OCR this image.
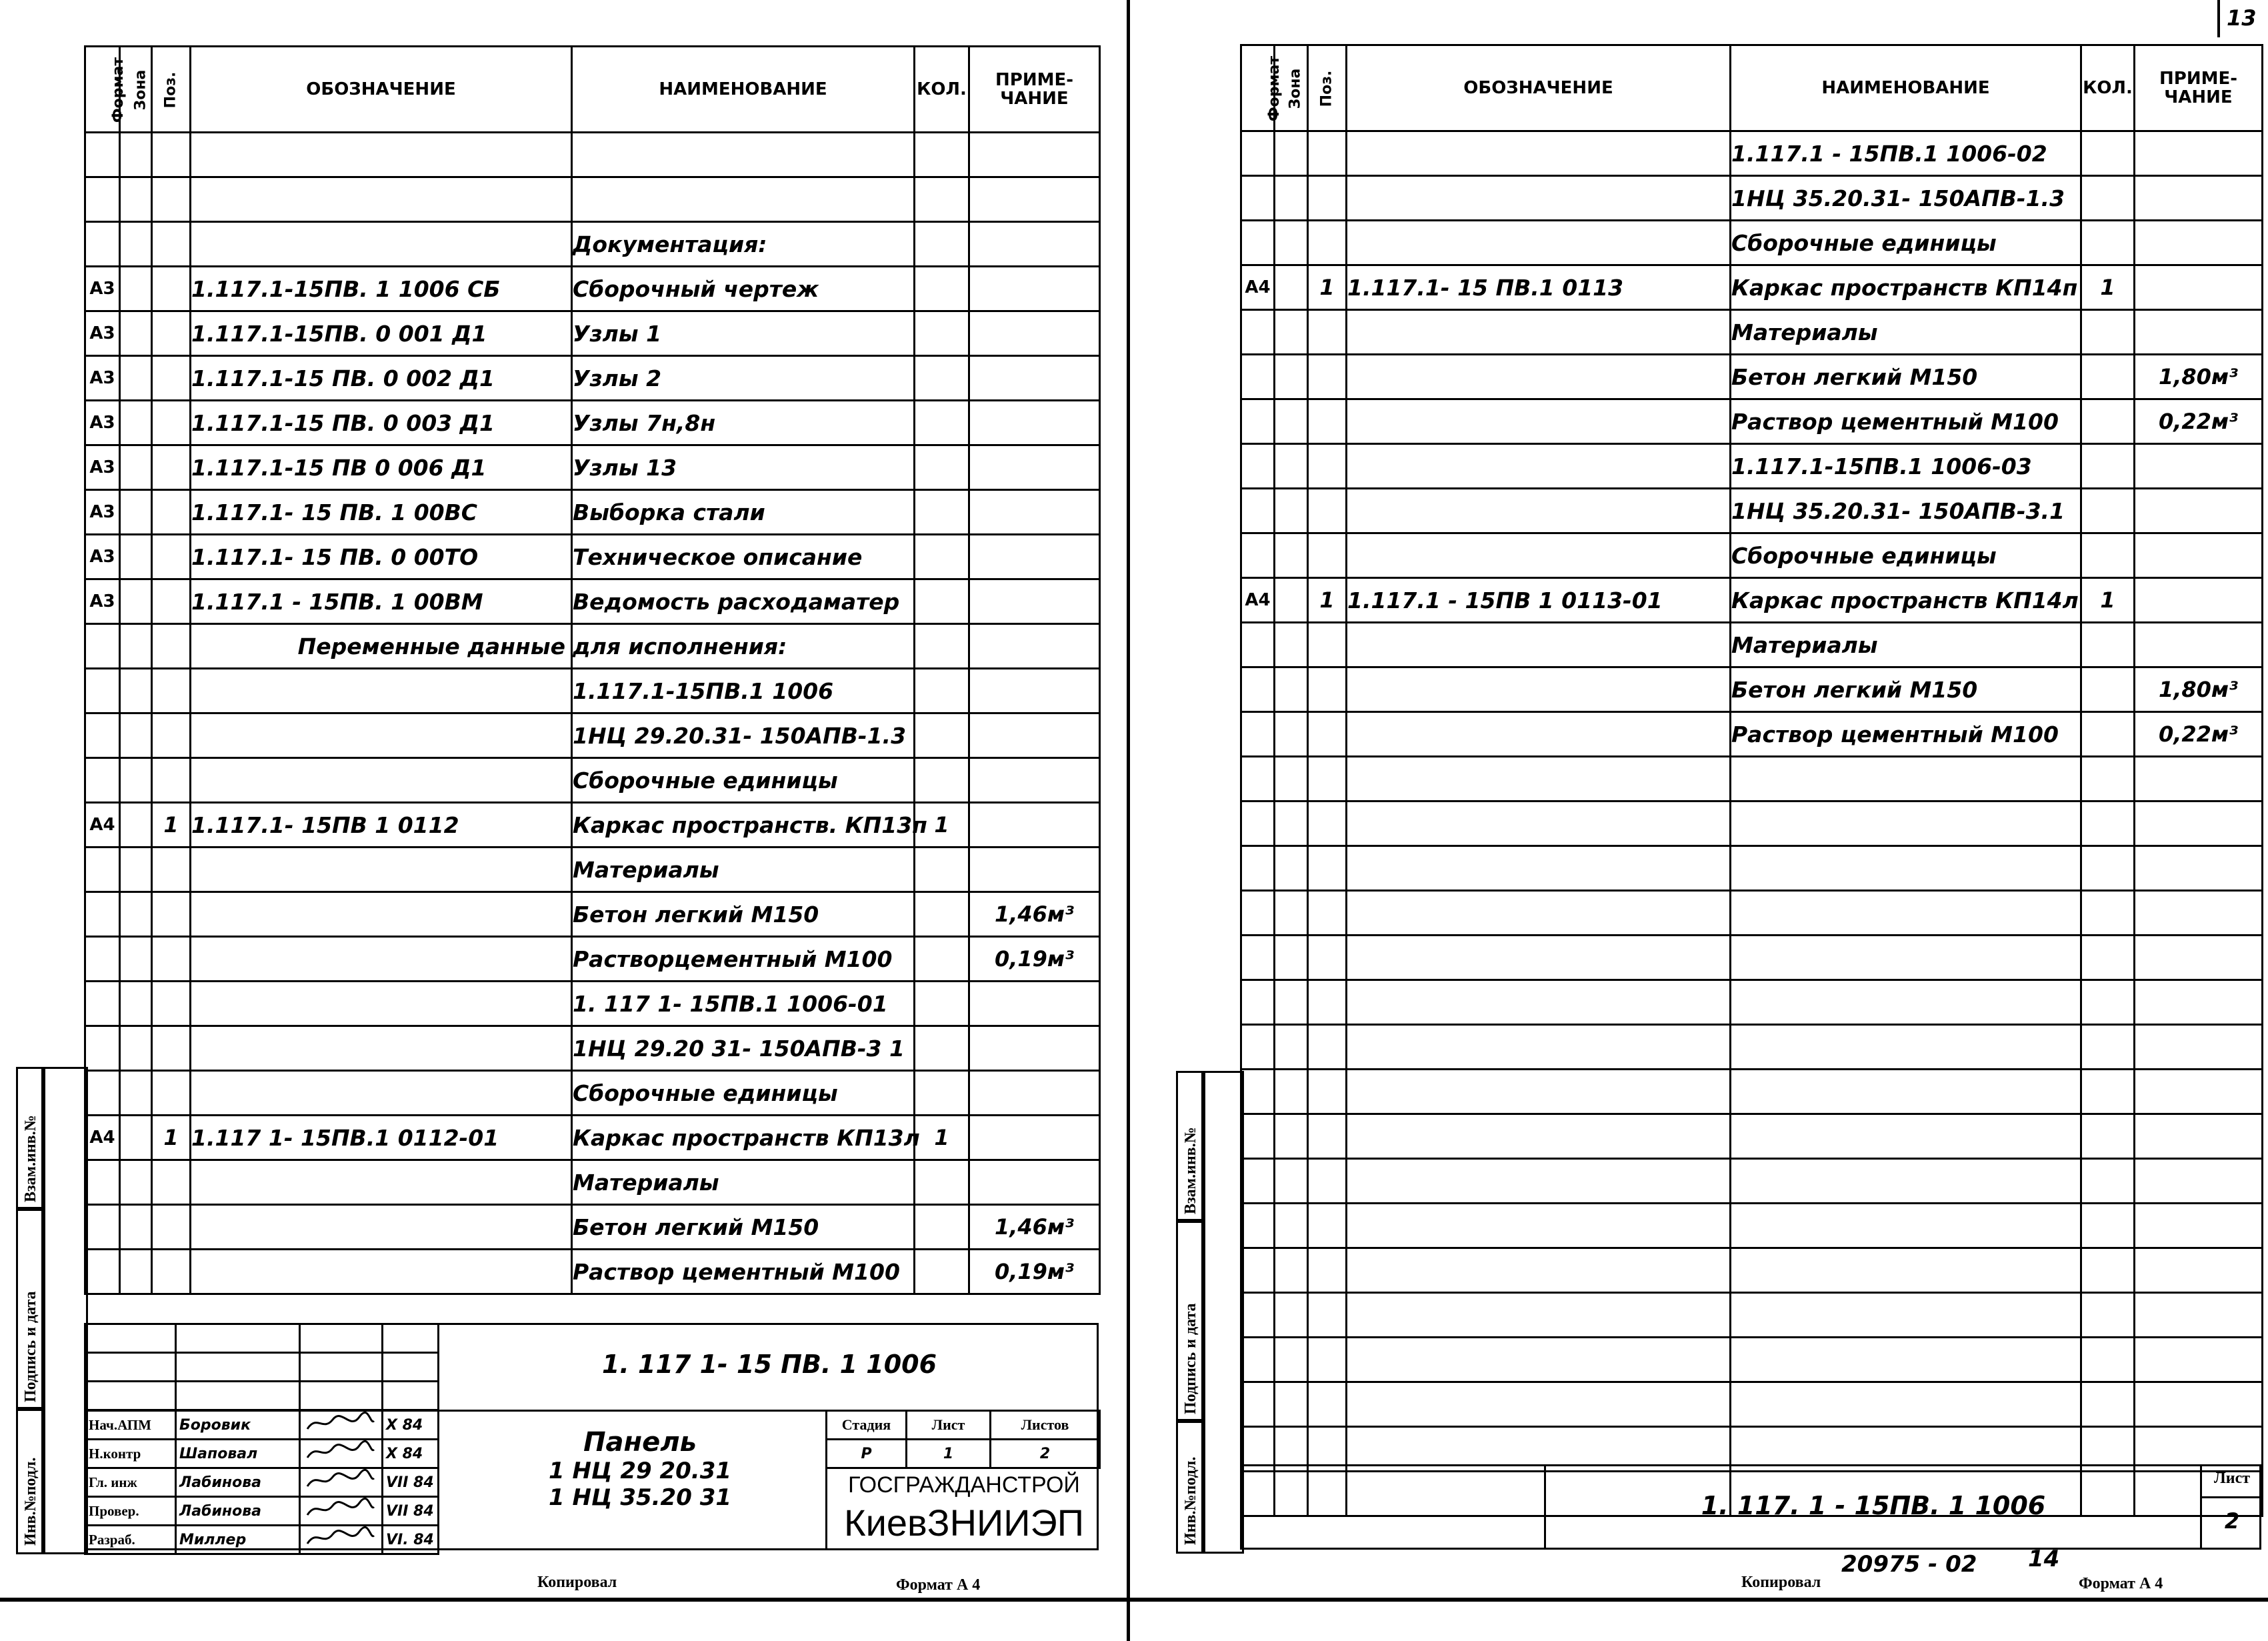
Взам.инв.№
Подпись и дата
Инв.№подл.
Формат	Зона	Поз.	ОБОЗНАЧЕНИЕ	НАИМЕНОВАНИЕ	КОЛ.	ПРИМЕ-
ЧАНИЕ

				Документация:		
А3			1.117.1-15ПВ. 1 1006 СБ	Сборочный чертеж		
А3			1.117.1-15ПВ. 0 001 Д1	Узлы 1		
А3			1.117.1-15 ПВ. 0 002 Д1	Узлы 2		
А3			1.117.1-15 ПВ. 0 003 Д1	Узлы 7н,8н		
А3			1.117.1-15 ПВ 0 006 Д1	Узлы 13		
А3			1.117.1- 15 ПВ. 1 00ВС	Выборка стали		
А3			1.117.1- 15 ПВ. 0 00ТО	Техническое описание		
А3			1.117.1 - 15ПВ. 1 00ВМ	Ведомость расходаматер		
			Переменные данные	для исполнения:		
				1.117.1-15ПВ.1 1006		
				1НЦ 29.20.31- 150АПВ-1.3		
				Сборочные единицы		
А4		1	1.117.1- 15ПВ 1 0112	Каркас пространств. КП13п	1	
				Материалы		
				Бетон легкий М150		1,46м³
				Растворцементный М100		0,19м³
				1. 117 1- 15ПВ.1 1006-01		
				1НЦ 29.20 31- 150АПВ-3 1		
				Сборочные единицы		
А4		1	1.117 1- 15ПВ.1 0112-01	Каркас пространств КП13л	1	
				Материалы		
				Бетон легкий М150		1,46м³
				Раствор цементный М100		0,19м³

1. 117 1- 15 ПВ. 1 1006
Нач.АПМ	Боровик		X 84
Н.контр	Шаповал		X 84
Гл. инж	Лабинова		VII 84
Провер.	Лабинова		VII 84
Разраб.	Миллер		VI. 84
Панель
1 НЦ 29 20.31
1 НЦ 35.20 31
Стадия	Лист	Листов
Р	1	2
ГОСГРАЖДАНСТРОЙ
КиевЗНИИЭП
Копировал	Формат А 4
13
Взам.инв.№
Подпись и дата
Инв.№подл.
Формат	Зона	Поз.	ОБОЗНАЧЕНИЕ	НАИМЕНОВАНИЕ	КОЛ.	ПРИМЕ-
ЧАНИЕ
				1.117.1 - 15ПВ.1 1006-02		
				1НЦ 35.20.31- 150АПВ-1.3		
				Сборочные единицы		
А4		1	1.117.1- 15 ПВ.1 0113	Каркас пространств КП14п	1	
				Материалы		
				Бетон легкий М150		1,80м³
				Раствор цементный М100		0,22м³
				1.117.1-15ПВ.1 1006-03		
				1НЦ 35.20.31- 150АПВ-3.1		
				Сборочные единицы		
А4		1	1.117.1 - 15ПВ 1 0113-01	Каркас пространств КП14л	1	
				Материалы		
				Бетон легкий М150		1,80м³
				Раствор цементный М100		0,22м³

1. 117. 1 - 15ПВ. 1 1006
Лист
2
20975 - 02 14
Копировал	Формат А 4
